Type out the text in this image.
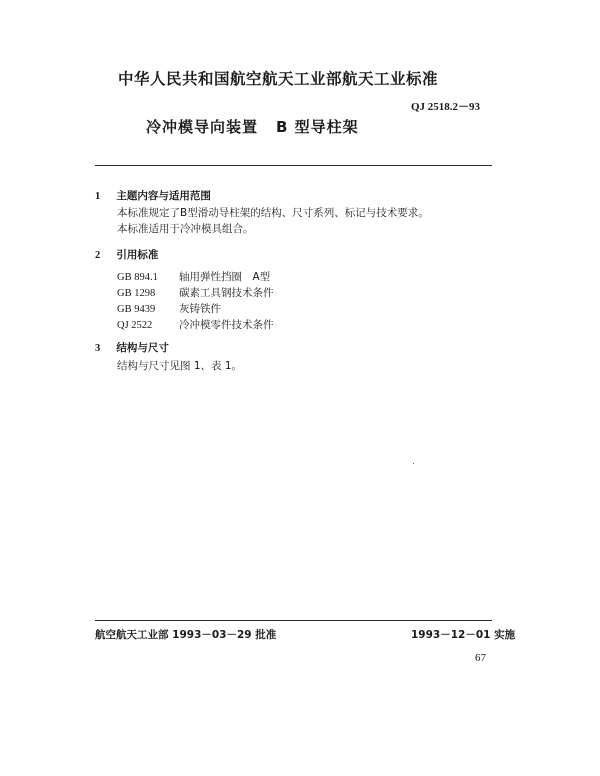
中华人民共和国航空航天工业部航天工业标准
QJ 2518.2－93
冷冲模导向装置 B 型导柱架
1 主题内容与适用范围
本标准规定了B型滑动导柱架的结构、尺寸系列、标记与技术要求。
本标准适用于冷冲模具组合。
2 引用标准
GB 894.1 轴用弹性挡圈　A型
GB 1298 碳素工具钢技术条件
GB 9439 灰铸铁件
QJ 2522	冷冲模零件技术条件
3 结构与尺寸
结构与尺寸见图 1、表 1。
航空航天工业部 1993－03－29 批准	1993－12－01 实施
67
